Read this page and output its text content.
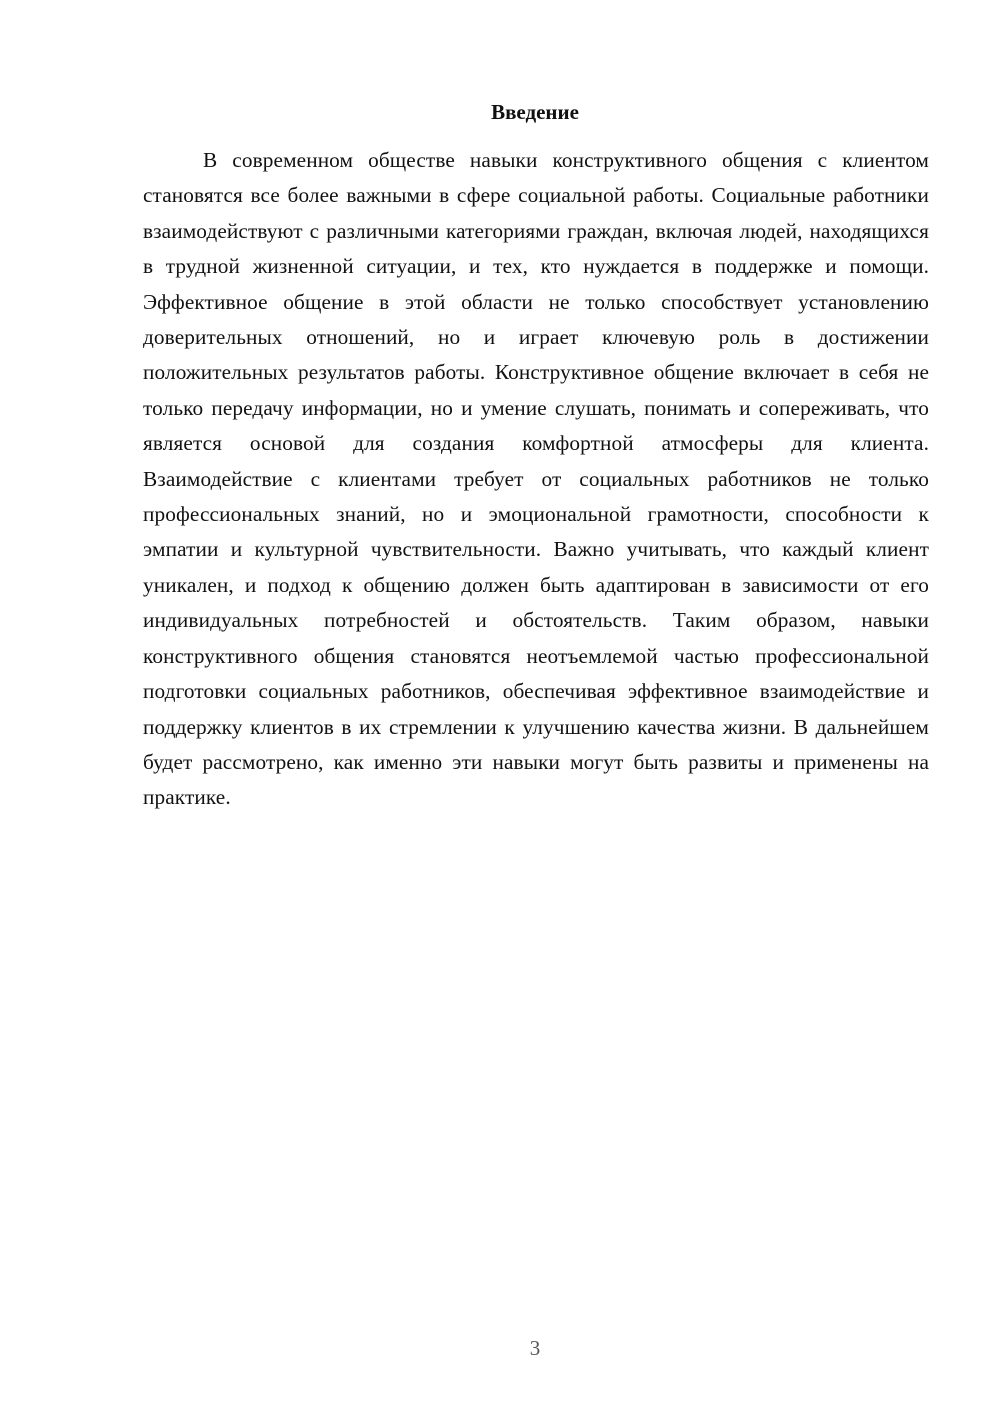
Введение

В современном обществе навыки конструктивного общения с клиентом становятся все более важными в сфере социальной работы. Социальные работники взаимодействуют с различными категориями граждан, включая людей, находящихся в трудной жизненной ситуации, и тех, кто нуждается в поддержке и помощи. Эффективное общение в этой области не только способствует установлению доверительных отношений, но и играет ключевую роль в достижении положительных результатов работы. Конструктивное общение включает в себя не только передачу информации, но и умение слушать, понимать и сопереживать, что является основой для создания комфортной атмосферы для клиента. Взаимодействие с клиентами требует от социальных работников не только профессиональных знаний, но и эмоциональной грамотности, способности к эмпатии и культурной чувствительности. Важно учитывать, что каждый клиент уникален, и подход к общению должен быть адаптирован в зависимости от его индивидуальных потребностей и обстоятельств. Таким образом, навыки конструктивного общения становятся неотъемлемой частью профессиональной подготовки социальных работников, обеспечивая эффективное взаимодействие и поддержку клиентов в их стремлении к улучшению качества жизни. В дальнейшем будет рассмотрено, как именно эти навыки могут быть развиты и применены на практике.

3
